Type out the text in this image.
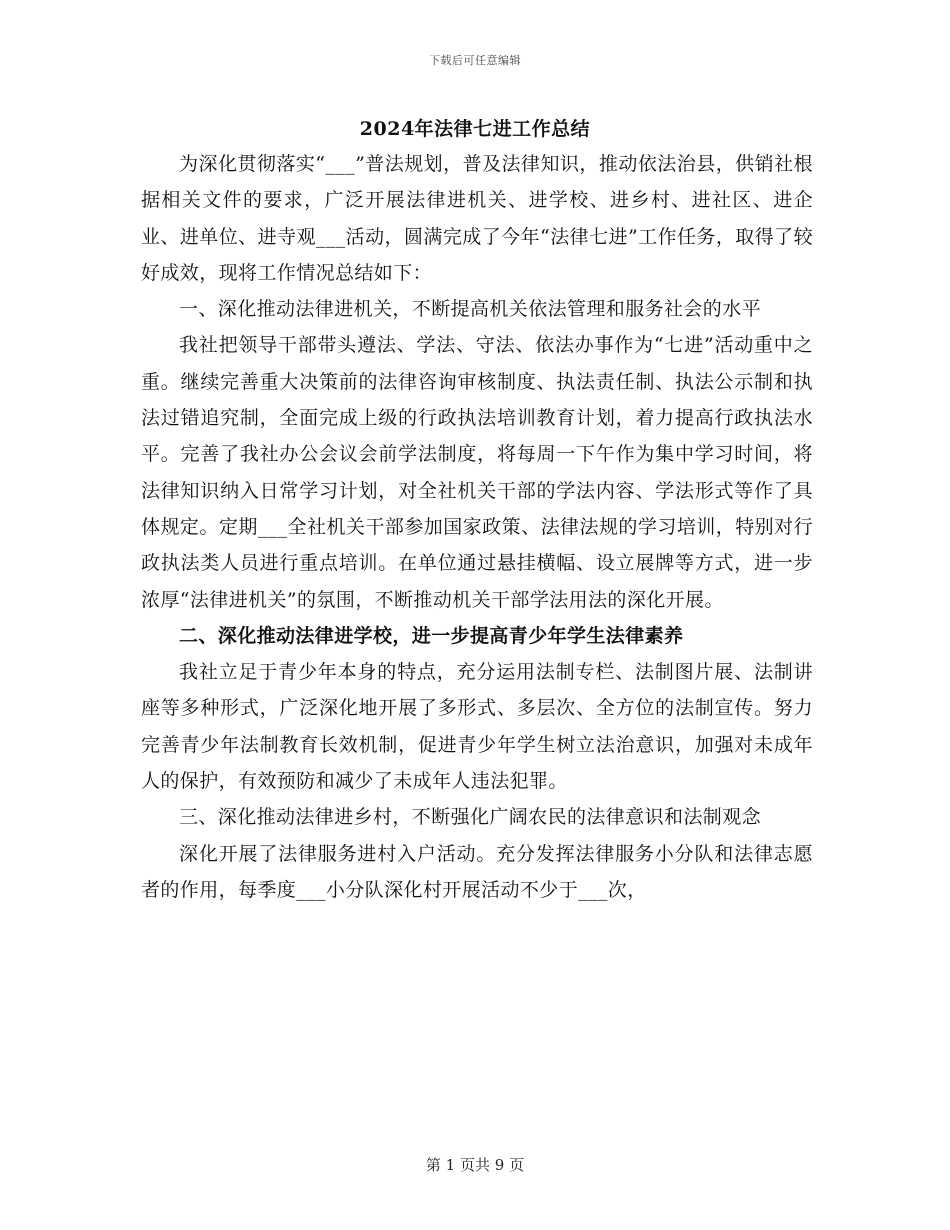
下载后可任意编辑
2024年法律七进工作总结

为深化贯彻落实“___”普法规划，普及法律知识，推动依法治县，供销社根据相关文件的要求，广泛开展法律进机关、进学校、进乡村、进社区、进企业、进单位、进寺观___活动，圆满完成了今年“法律七进”工作任务，取得了较好成效，现将工作情况总结如下：

一、深化推动法律进机关，不断提高机关依法管理和服务社会的水平

我社把领导干部带头遵法、学法、守法、依法办事作为“七进”活动重中之重。继续完善重大决策前的法律咨询审核制度、执法责任制、执法公示制和执法过错追究制，全面完成上级的行政执法培训教育计划，着力提高行政执法水平。完善了我社办公会议会前学法制度，将每周一下午作为集中学习时间，将法律知识纳入日常学习计划，对全社机关干部的学法内容、学法形式等作了具体规定。定期___全社机关干部参加国家政策、法律法规的学习培训，特别对行政执法类人员进行重点培训。在单位通过悬挂横幅、设立展牌等方式，进一步浓厚“法律进机关”的氛围，不断推动机关干部学法用法的深化开展。

二、深化推动法律进学校，进一步提高青少年学生法律素养

我社立足于青少年本身的特点，充分运用法制专栏、法制图片展、法制讲座等多种形式，广泛深化地开展了多形式、多层次、全方位的法制宣传。努力完善青少年法制教育长效机制，促进青少年学生树立法治意识，加强对未成年人的保护，有效预防和减少了未成年人违法犯罪。

三、深化推动法律进乡村，不断强化广阔农民的法律意识和法制观念

深化开展了法律服务进村入户活动。充分发挥法律服务小分队和法律志愿者的作用，每季度___小分队深化村开展活动不少于___次，

第 1 页共 9 页
